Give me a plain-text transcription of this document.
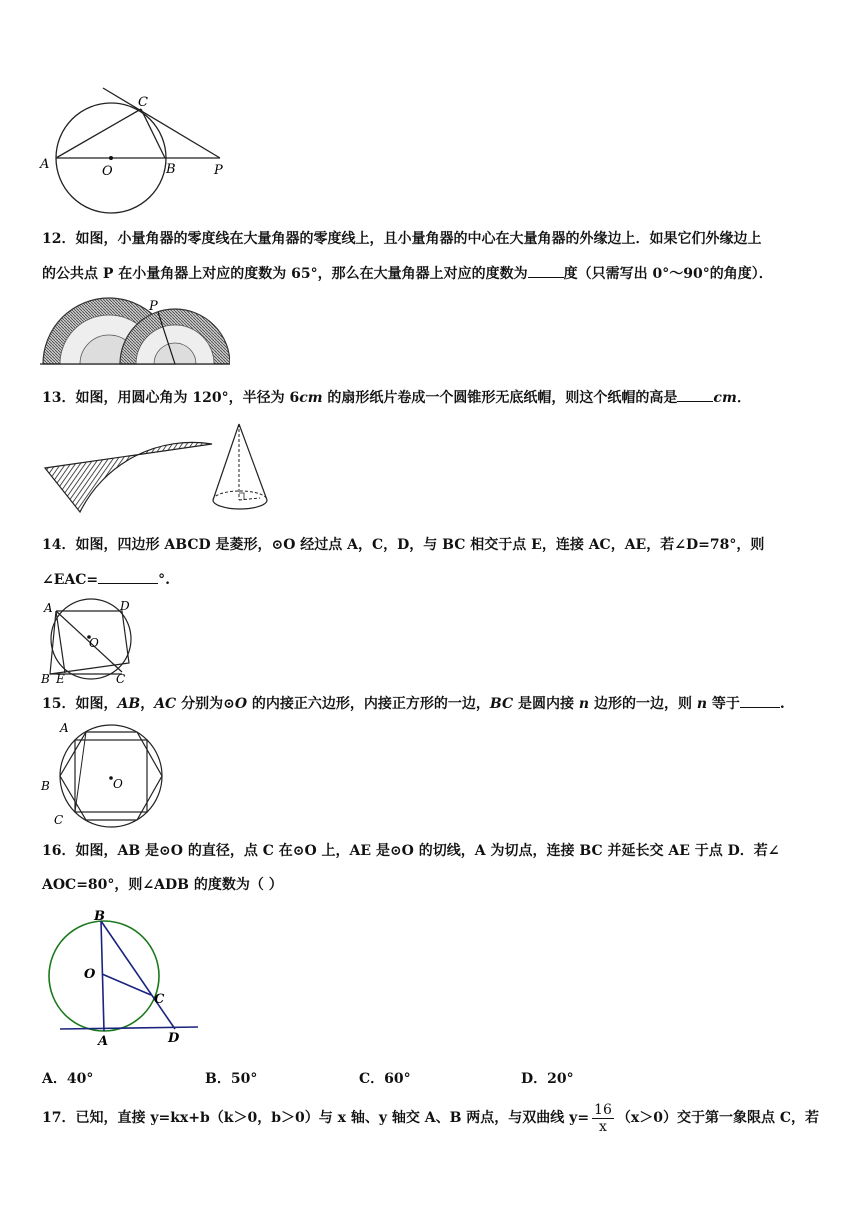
A	O	B	P
C
12．如图，小量角器的零度线在大量角器的零度线上，且小量角器的中心在大量角器的外缘边上．如果它们外缘边上
的公共点 P 在小量角器上对应的度数为 65°，那么在大量角器上对应的度数为	度（只需写出 0°～90°的角度）．
P
13．如图，用圆心角为 120°，半径为 6cm 的扇形纸片卷成一个圆锥形无底纸帽，则这个纸帽的高是	cm．
14．如图，四边形 ABCD 是菱形，⊙O 经过点 A，C，D，与 BC 相交于点 E，连接 AC，AE，若∠D=78°，则
∠EAC=	°.
A	D
O
B E	C
15．如图，AB，AC 分别为⊙O 的内接正六边形，内接正方形的一边，BC 是圆内接 n 边形的一边，则 n 等于	.
A
B
C
O
16．如图，AB 是⊙O 的直径，点 C 在⊙O 上，AE 是⊙O 的切线，A 为切点，连接 BC 并延长交 AE 于点 D．若∠
AOC=80°，则∠ADB 的度数为（ ）
B
O
C
A	D
A．40°	B．50°	C．60°	D．20°
17．已知，直接 y=kx+b（k＞0，b＞0）与 x 轴、y 轴交 A、B 两点，与双曲线 $y= \frac{16}{x} (x>0)$交于第一象限点 C，若
